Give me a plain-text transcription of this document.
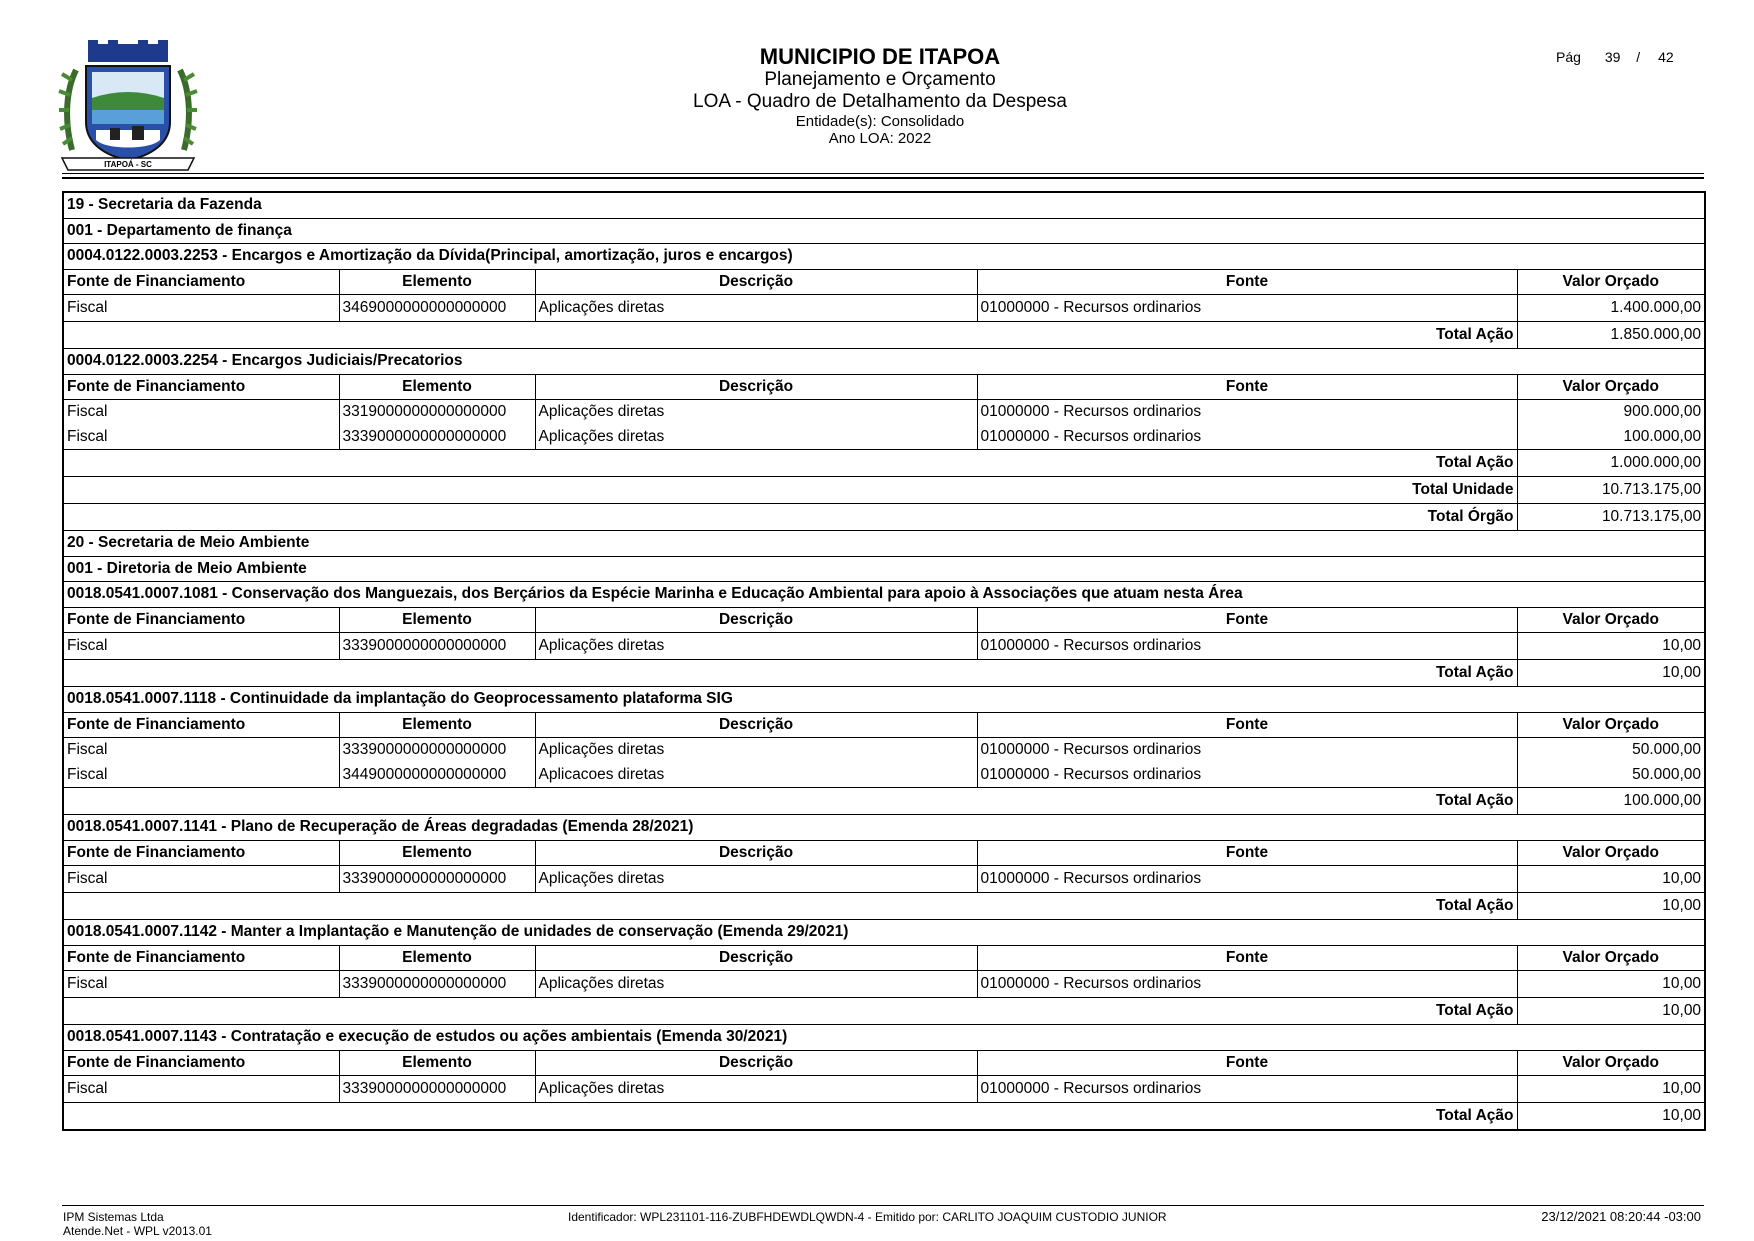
ITAPOÁ - SC
MUNICIPIO DE ITAPOA
Planejamento e Orçamento
LOA - Quadro de Detalhamento da Despesa
Entidade(s): Consolidado
Ano LOA: 2022
Pág 39 / 42
19 - Secretaria da Fazenda				
001 - Departamento de finança				
0004.0122.0003.2253 - Encargos e Amortização da Dívida(Principal, amortização, juros e encargos)				
Fonte de Financiamento	Elemento	Descrição	Fonte	Valor Orçado
Fiscal	3469000000000000000	Aplicações diretas	01000000 - Recursos ordinarios	1.400.000,00
Total Ação				1.850.000,00
0004.0122.0003.2254 - Encargos Judiciais/Precatorios				
Fonte de Financiamento	Elemento	Descrição	Fonte	Valor Orçado
Fiscal	3319000000000000000	Aplicações diretas	01000000 - Recursos ordinarios	900.000,00
Fiscal	3339000000000000000	Aplicações diretas	01000000 - Recursos ordinarios	100.000,00
Total Ação				1.000.000,00
Total Unidade				10.713.175,00
Total Órgão				10.713.175,00
20 - Secretaria de Meio Ambiente				
001 - Diretoria de Meio Ambiente				
0018.0541.0007.1081 - Conservação dos Manguezais, dos Berçários da Espécie Marinha e Educação Ambiental para apoio à Associações que atuam nesta Área				
Fonte de Financiamento	Elemento	Descrição	Fonte	Valor Orçado
Fiscal	3339000000000000000	Aplicações diretas	01000000 - Recursos ordinarios	10,00
Total Ação				10,00
0018.0541.0007.1118 - Continuidade da implantação do Geoprocessamento plataforma SIG				
Fonte de Financiamento	Elemento	Descrição	Fonte	Valor Orçado
Fiscal	3339000000000000000	Aplicações diretas	01000000 - Recursos ordinarios	50.000,00
Fiscal	3449000000000000000	Aplicacoes diretas	01000000 - Recursos ordinarios	50.000,00
Total Ação				100.000,00
0018.0541.0007.1141 - Plano de Recuperação de Áreas degradadas (Emenda 28/2021)				
Fonte de Financiamento	Elemento	Descrição	Fonte	Valor Orçado
Fiscal	3339000000000000000	Aplicações diretas	01000000 - Recursos ordinarios	10,00
Total Ação				10,00
0018.0541.0007.1142 - Manter a Implantação e Manutenção de unidades de conservação (Emenda 29/2021)				
Fonte de Financiamento	Elemento	Descrição	Fonte	Valor Orçado
Fiscal	3339000000000000000	Aplicações diretas	01000000 - Recursos ordinarios	10,00
Total Ação				10,00
0018.0541.0007.1143 - Contratação e execução de estudos ou ações ambientais (Emenda 30/2021)				
Fonte de Financiamento	Elemento	Descrição	Fonte	Valor Orçado
Fiscal	3339000000000000000	Aplicações diretas	01000000 - Recursos ordinarios	10,00
Total Ação				10,00
IPM Sistemas Ltda
Atende.Net - WPL v2013.01
Identificador: WPL231101-116-ZUBFHDEWDLQWDN-4 - Emitido por: CARLITO JOAQUIM CUSTODIO JUNIOR	23/12/2021 08:20:44 -03:00
